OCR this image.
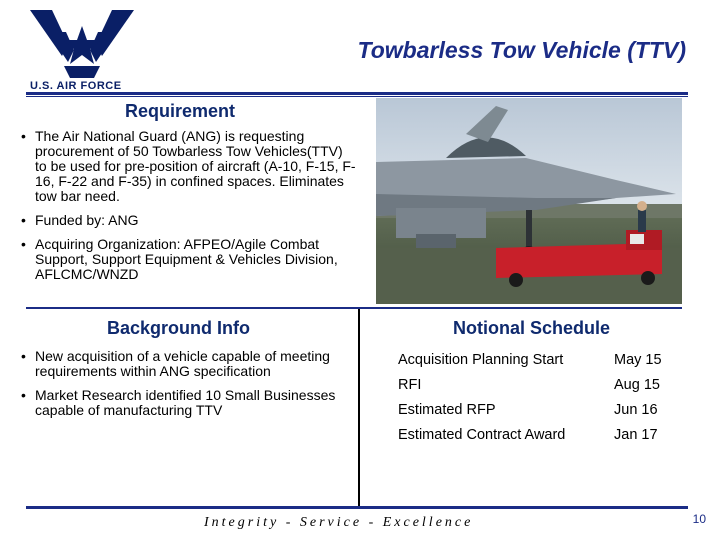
U.S. AIR FORCE
Towbarless Tow Vehicle (TTV)
Requirement
• The Air National Guard (ANG) is requesting procurement of 50 Towbarless Tow Vehicles(TTV) to be used for pre-position of aircraft (A-10, F-15, F-16, F-22 and F-35) in confined spaces. Eliminates tow bar need.
• Funded by: ANG
• Acquiring Organization: AFPEO/Agile Combat Support, Support Equipment & Vehicles Division, AFLCMC/WNZD
Background Info
• New acquisition of a vehicle capable of meeting requirements within ANG specification
• Market Research identified 10 Small Businesses capable of manufacturing TTV
Notional Schedule
Acquisition Planning Start	May 15
RFI	Aug 15
Estimated RFP	Jun 16
Estimated Contract Award	Jan 17
Integrity - Service - Excellence	10
